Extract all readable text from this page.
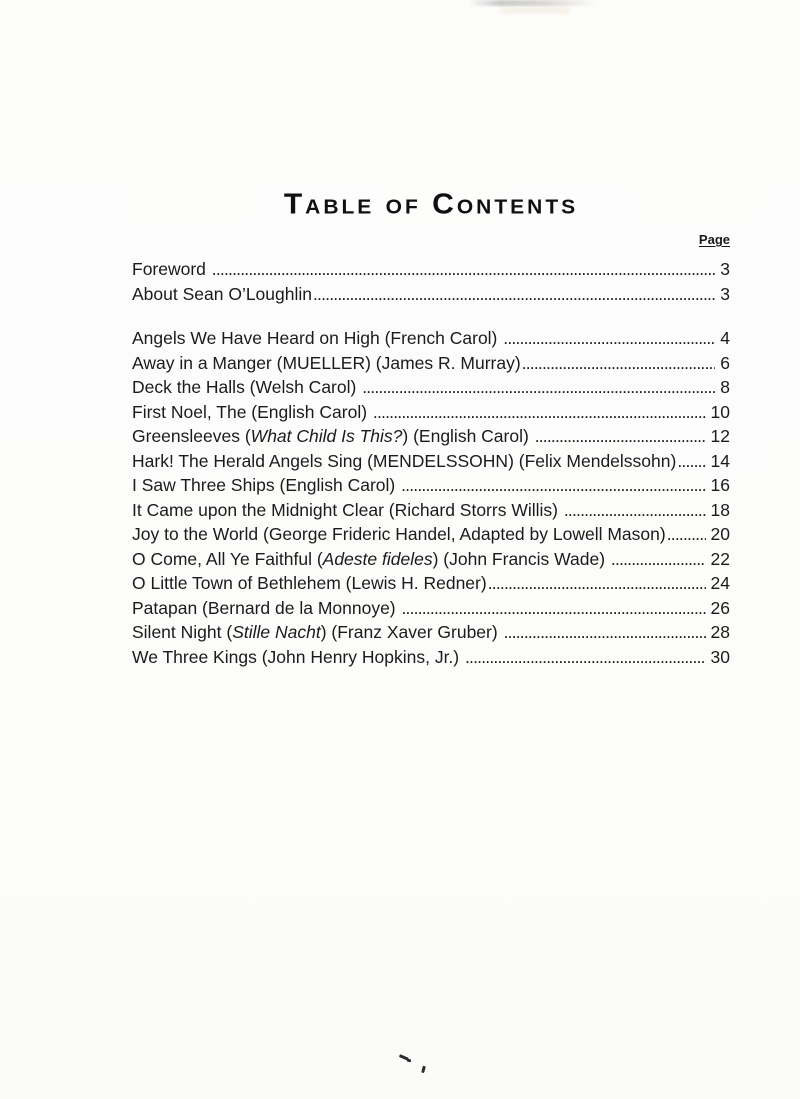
Table of Contents
Page
Foreword .....	3
About Sean O’Loughlin .....	3
Angels We Have Heard on High (French Carol) .....	4
Away in a Manger (MUELLER) (James R. Murray) .....	6
Deck the Halls (Welsh Carol) .....	8
First Noel, The (English Carol) .....	10
Greensleeves (What Child Is This?) (English Carol) .....	12
Hark! The Herald Angels Sing (MENDELSSOHN) (Felix Mendelssohn) ..... 14
I Saw Three Ships (English Carol) .....	16
It Came upon the Midnight Clear (Richard Storrs Willis) .....	18
Joy to the World (George Frideric Handel, Adapted by Lowell Mason) .....	20
O Come, All Ye Faithful (Adeste fideles) (John Francis Wade) .....	22
O Little Town of Bethlehem (Lewis H. Redner) .....	24
Patapan (Bernard de la Monnoye) .....	26
Silent Night (Stille Nacht) (Franz Xaver Gruber) .....	28
We Three Kings (John Henry Hopkins, Jr.) .....	30
